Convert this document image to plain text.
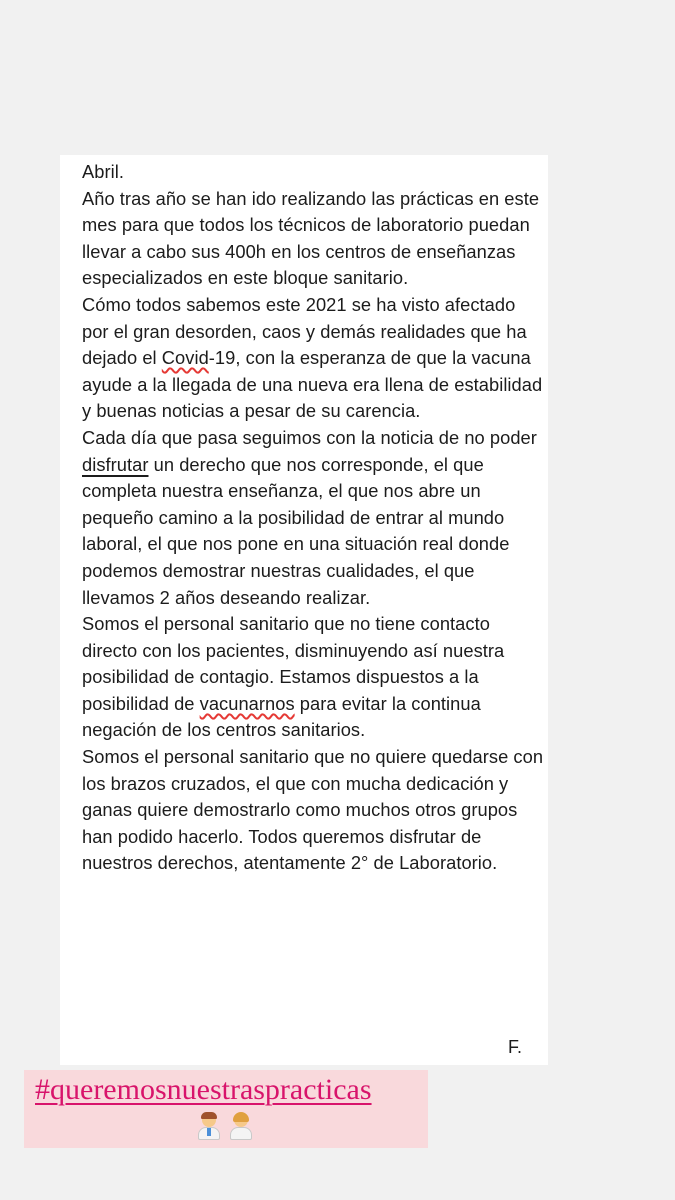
Abril.

Año tras año se han ido realizando las prácticas en este mes para que todos los técnicos de laboratorio puedan llevar a cabo sus 400h en los centros de enseñanzas especializados en este bloque sanitario.

Cómo todos sabemos este 2021 se ha visto afectado por el gran desorden, caos y demás realidades que ha dejado el Covid-19, con la esperanza de que la vacuna ayude a la llegada de una nueva era llena de estabilidad y buenas noticias a pesar de su carencia.

Cada día que pasa seguimos con la noticia de no poder disfrutar un derecho que nos corresponde, el que completa nuestra enseñanza, el que nos abre un pequeño camino a la posibilidad de entrar al mundo laboral, el que nos pone en una situación real donde podemos demostrar nuestras cualidades, el que llevamos 2 años deseando realizar.

Somos el personal sanitario que no tiene contacto directo con los pacientes, disminuyendo así nuestra posibilidad de contagio. Estamos dispuestos a la posibilidad de vacunarnos para evitar la continua negación de los centros sanitarios.

Somos el personal sanitario que no quiere quedarse con los brazos cruzados, el que con mucha dedicación y ganas quiere demostrarlo como muchos otros grupos han podido hacerlo. Todos queremos disfrutar de nuestros derechos, atentamente 2° de Laboratorio.

F.
#queremosnuestraspracticas
